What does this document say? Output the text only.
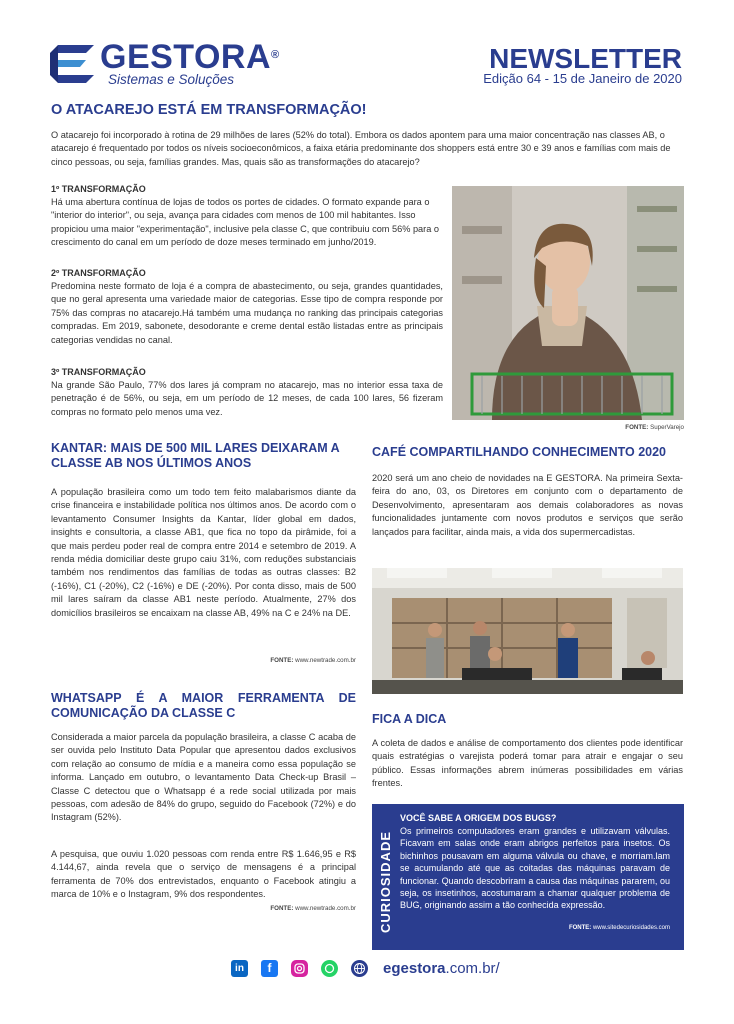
GESTORA®
Sistemas e Soluções
NEWSLETTER
Edição 64 - 15 de Janeiro de 2020
O ATACAREJO ESTÁ EM TRANSFORMAÇÃO!
O atacarejo foi incorporado à rotina de 29 milhões de lares (52% do total). Embora os dados apontem para uma maior concentração nas classes AB, o atacarejo é frequentado por todos os níveis socioeconômicos, a faixa etária predominante dos shoppers está entre 30 e 39 anos e famílias com mais de cinco pessoas, ou seja, famílias grandes. Mas, quais são as transformações do atacarejo?
1º TRANSFORMAÇÃO
Há uma abertura contínua de lojas de todos os portes de cidades. O formato expande para o "interior do interior", ou seja, avança para cidades com menos de 100 mil habitantes. Isso propiciou uma maior "experimentação", inclusive pela classe C, que contribuiu com 56% para o crescimento do canal em um período de doze meses terminado em junho/2019.
2º TRANSFORMAÇÃO
Predomina neste formato de loja é a compra de abastecimento, ou seja, grandes quantidades, que no geral apresenta uma variedade maior de categorias. Esse tipo de compra responde por 75% das compras no atacarejo.Há também uma mudança no ranking das principais categorias compradas. Em 2019, sabonete, desodorante e creme dental estão listadas entre as principais categorias vendidas no canal.
3º TRANSFORMAÇÃO
Na grande São Paulo, 77% dos lares já compram no atacarejo, mas no interior essa taxa de penetração é de 56%, ou seja, em um período de 12 meses, de cada 100 lares, 56 fizeram compras no formato pelo menos uma vez.
FONTE: SuperVarejo
KANTAR: MAIS DE 500 MIL LARES DEIXARAM A CLASSE AB NOS ÚLTIMOS ANOS
A população brasileira como um todo tem feito malabarismos diante da crise financeira e instabilidade política nos últimos anos. De acordo com o levantamento Consumer Insights da Kantar, líder global em dados, insights e consultoria, a classe AB1, que fica no topo da pirâmide, foi a que mais perdeu poder real de compra entre 2014 e setembro de 2019. A renda média domiciliar deste grupo caiu 31%, com reduções substanciais também nos rendimentos das famílias de todas as outras classes: B2 (-16%), C1 (-20%), C2 (-16%) e DE (-20%). Por conta disso, mais de 500 mil lares saíram da classe AB1 neste período. Atualmente, 27% dos domicílios brasileiros se encaixam na classe AB, 49% na C e 24% na DE.
FONTE: www.newtrade.com.br
WHATSAPP É A MAIOR FERRAMENTA DE COMUNICAÇÃO DA CLASSE C
Considerada a maior parcela da população brasileira, a classe C acaba de ser ouvida pelo Instituto Data Popular que apresentou dados exclusivos com relação ao consumo de mídia e a maneira como essa população se informa. Lançado em outubro, o levantamento Data Check-up Brasil – Classe C detectou que o Whatsapp é a rede social utilizada por mais pessoas, com adesão de 84% do grupo, seguido do Facebook (72%) e do Instagram (52%).
A pesquisa, que ouviu 1.020 pessoas com renda entre R$ 1.646,95 e R$ 4.144,67, ainda revela que o serviço de mensagens é a principal ferramenta de 70% dos entrevistados, enquanto o Facebook atingiu a marca de 10% e o Instagram, 9% dos respondentes.
FONTE: www.newtrade.com.br
CAFÉ COMPARTILHANDO CONHECIMENTO 2020
2020 será um ano cheio de novidades na E GESTORA. Na primeira Sexta-feira do ano, 03, os Diretores em conjunto com o departamento de Desenvolvimento, apresentaram aos demais colaboradores as novas funcionalidades juntamente com novos produtos e serviços que serão lançados para facilitar, ainda mais, a vida dos supermercadistas.
FICA A DICA
A coleta de dados e análise de comportamento dos clientes pode identificar quais estratégias o varejista poderá tomar para atrair e engajar o seu público. Essas informações abrem inúmeras possibilidades em várias frentes.
CURIOSIDADE
VOCÊ SABE A ORIGEM DOS BUGS?
Os primeiros computadores eram grandes e utilizavam válvulas. Ficavam em salas onde eram abrigos perfeitos para insetos. Os bichinhos pousavam em alguma válvula ou chave, e morriam.lam se acumulando até que as coitadas das máquinas paravam de funcionar. Quando descobriram a causa das máquinas pararem, ou seja, os insetinhos, acostumaram a chamar qualquer problema de BUG, originando assim a tão conhecida expressão.
FONTE: www.sitedecuriosidades.com
in f	egestora.com.br/
